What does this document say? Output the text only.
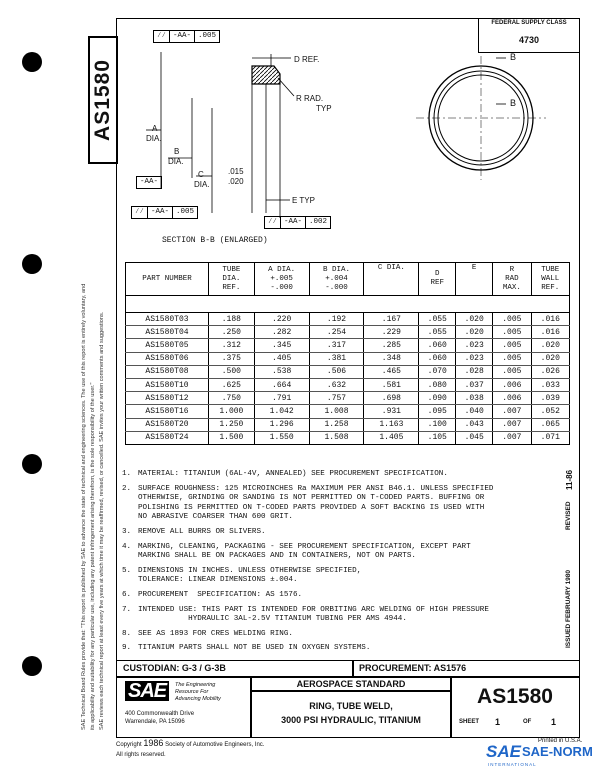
AS1580
SAE Technical Board Rules provide that: "This report is published by SAE to advance the state of technical and engineering sciences. The use of this report is entirely voluntary, and its applicability and suitability for any particular use, including any patent infringement arising therefrom, is the sole responsibility of the user." SAE reviews each technical report at least every five years at which time it may be reaffirmed, revised, or cancelled. SAE invites your written comments and suggestions.
FEDERAL SUPPLY CLASS
4730
ISSUED FEBRUARY 1980
REVISED
11-86
∕∕ -AA- .005
D REF.
R RAD.
TYP
A
DIA.
B
DIA.
C
DIA.
.015
.020
-AA-
E TYP
∕∕ -AA- .005
∕∕ -AA- .002
SECTION B-B (ENLARGED)
B
B
PART NUMBER	TUBE
DIA.
REF.	A DIA.
+.005
-.000	B DIA.
+.004
-.000	C DIA.	D
REF	E	R
RAD
MAX.	TUBE
WALL
REF.

AS1580T03	.188	.220	.192	.167	.055	.020	.005	.016
AS1580T04	.250	.282	.254	.229	.055	.020	.005	.016
AS1580T05	.312	.345	.317	.285	.060	.023	.005	.020
AS1580T06	.375	.405	.381	.348	.060	.023	.005	.020
AS1580T08	.500	.538	.506	.465	.070	.028	.005	.026
AS1580T10	.625	.664	.632	.581	.080	.037	.006	.033
AS1580T12	.750	.791	.757	.698	.090	.038	.006	.039
AS1580T16	1.000	1.042	1.008	.931	.095	.040	.007	.052
AS1580T20	1.250	1.296	1.258	1.163	.100	.043	.007	.065
AS1580T24	1.500	1.550	1.508	1.405	.105	.045	.007	.071
1. MATERIAL: TITANIUM (6AL-4V, ANNEALED) SEE PROCUREMENT SPECIFICATION.
2. SURFACE ROUGHNESS: 125 MICROINCHES Ra MAXIMUM PER ANSI B46.1. UNLESS SPECIFIED
OTHERWISE, GRINDING OR SANDING IS NOT PERMITTED ON T-CODED PARTS. BUFFING OR
POLISHING IS PERMITTED ON T-CODED PARTS PROVIDED A SOFT BACKING IS USED WITH
NO ABRASIVE COARSER THAN 600 GRIT.
3. REMOVE ALL BURRS OR SLIVERS.
4. MARKING, CLEANING, PACKAGING - SEE PROCUREMENT SPECIFICATION, EXCEPT PART
MARKING SHALL BE ON PACKAGES AND IN CONTAINERS, NOT ON PARTS.
5. DIMENSIONS IN INCHES. UNLESS OTHERWISE SPECIFIED,
TOLERANCE: LINEAR DIMENSIONS ±.004.
6. PROCUREMENT  SPECIFICATION: AS 1576.
7. INTENDED USE: THIS PART IS INTENDED FOR ORBITING ARC WELDING OF HIGH PRESSURE
HYDRAULIC 3AL-2.5V TITANIUM TUBING PER AMS 4944.
8. SEE AS 1893 FOR CRES WELDING RING.
9. TITANIUM PARTS SHALL NOT BE USED IN OXYGEN SYSTEMS.
CUSTODIAN: G-3 / G-3B	PROCUREMENT: AS1576
SAE	The Engineering
Resource For
Advancing Mobility
400 Commonwealth Drive
Warrendale, PA 15096
AEROSPACE STANDARD
RING, TUBE WELD,
3000 PSI HYDRAULIC, TITANIUM
AS1580
SHEET 1	OF 1
Copyright 1986 Society of Automotive Engineers, Inc.
All rights reserved.
Printed in U.S.A.
SAE SAE-NORM
INTERNATIONAL
